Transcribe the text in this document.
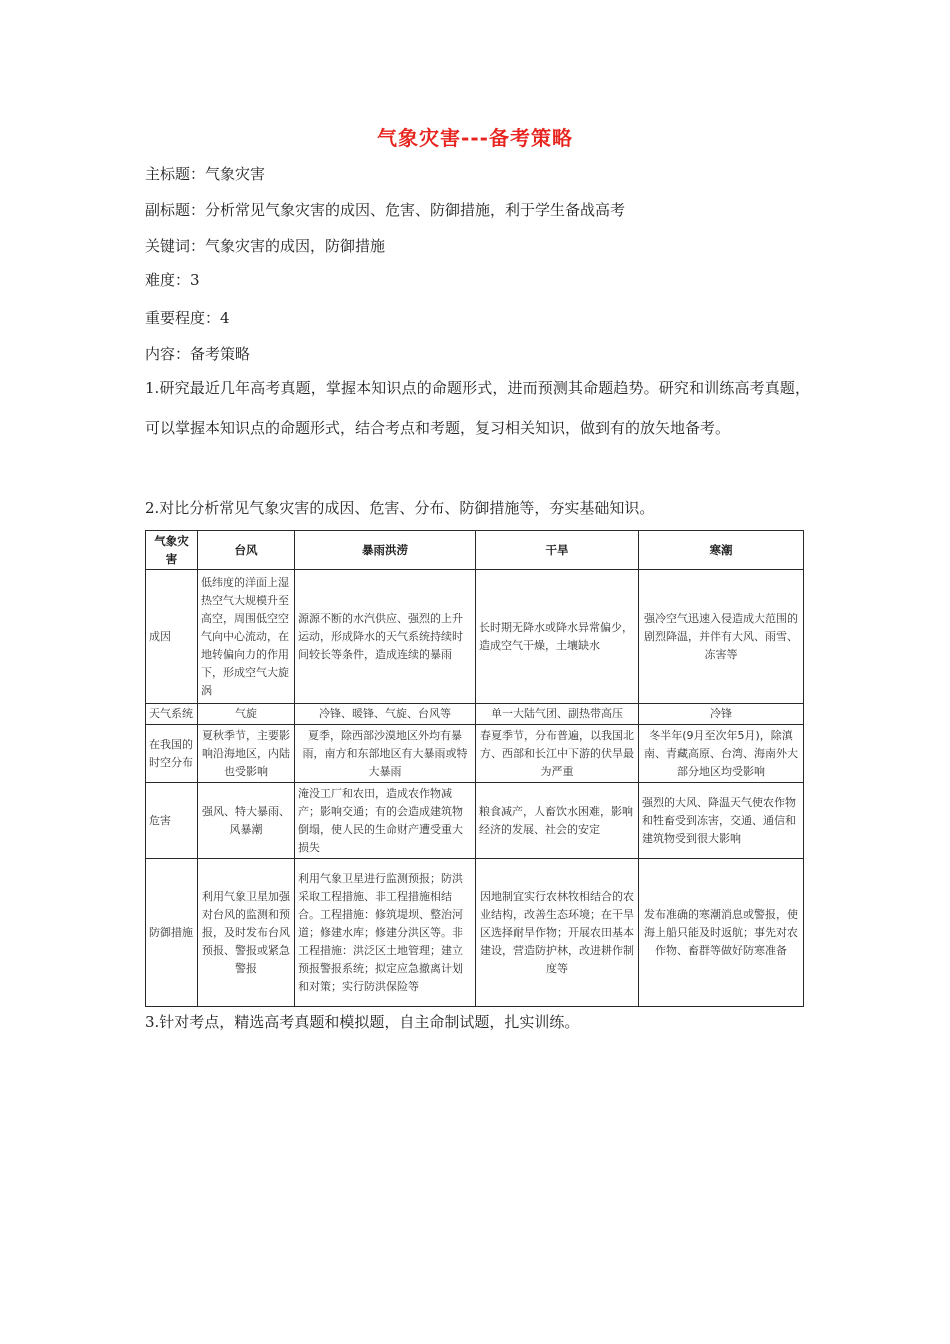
气象灾害---备考策略
主标题：气象灾害
副标题：分析常见气象灾害的成因、危害、防御措施，利于学生备战高考
关键词：气象灾害的成因，防御措施
难度：3
重要程度：4
内容：备考策略
1.研究最近几年高考真题，掌握本知识点的命题形式，进而预测其命题趋势。研究和训练高考真题，可以掌握本知识点的命题形式，结合考点和考题，复习相关知识，做到有的放矢地备考。
2.对比分析常见气象灾害的成因、危害、分布、防御措施等，夯实基础知识。
气象灾害	台风	暴雨洪涝	干旱	寒潮
成因	低纬度的洋面上湿热空气大规模升至高空，周围低空空气向中心流动，在地转偏向力的作用下，形成空气大旋涡	源源不断的水汽供应、强烈的上升运动，形成降水的天气系统持续时间较长等条件，造成连续的暴雨	长时期无降水或降水异常偏少，造成空气干燥，土壤缺水	强冷空气迅速入侵造成大范围的剧烈降温，并伴有大风、雨雪、冻害等
天气系统	气旋	冷锋、暖锋、气旋、台风等	单一大陆气团、副热带高压	冷锋
在我国的时空分布	夏秋季节，主要影响沿海地区，内陆也受影响	夏季，除西部沙漠地区外均有暴雨，南方和东部地区有大暴雨或特大暴雨	春夏季节，分布普遍，以我国北方、西部和长江中下游的伏旱最为严重	冬半年(9月至次年5月)，除滇南、青藏高原、台湾、海南外大部分地区均受影响
危害	强风、特大暴雨、风暴潮	淹没工厂和农田，造成农作物减产；影响交通；有的会造成建筑物倒塌，使人民的生命财产遭受重大损失	粮食减产，人畜饮水困难，影响经济的发展、社会的安定	强烈的大风、降温天气使农作物和牲畜受到冻害，交通、通信和建筑物受到很大影响
防御措施	利用气象卫星加强对台风的监测和预报，及时发布台风预报、警报或紧急警报	利用气象卫星进行监测预报；防洪采取工程措施、非工程措施相结合。工程措施：修筑堤坝、整治河道；修建水库；修建分洪区等。非工程措施：洪泛区土地管理；建立预报警报系统；拟定应急撤离计划和对策；实行防洪保险等	因地制宜实行农林牧相结合的农业结构，改善生态环境；在干旱区选择耐旱作物；开展农田基本建设，营造防护林，改进耕作制度等	发布准确的寒潮消息或警报，使海上船只能及时返航；事先对农作物、畜群等做好防寒准备
3.针对考点，精选高考真题和模拟题，自主命制试题，扎实训练。
